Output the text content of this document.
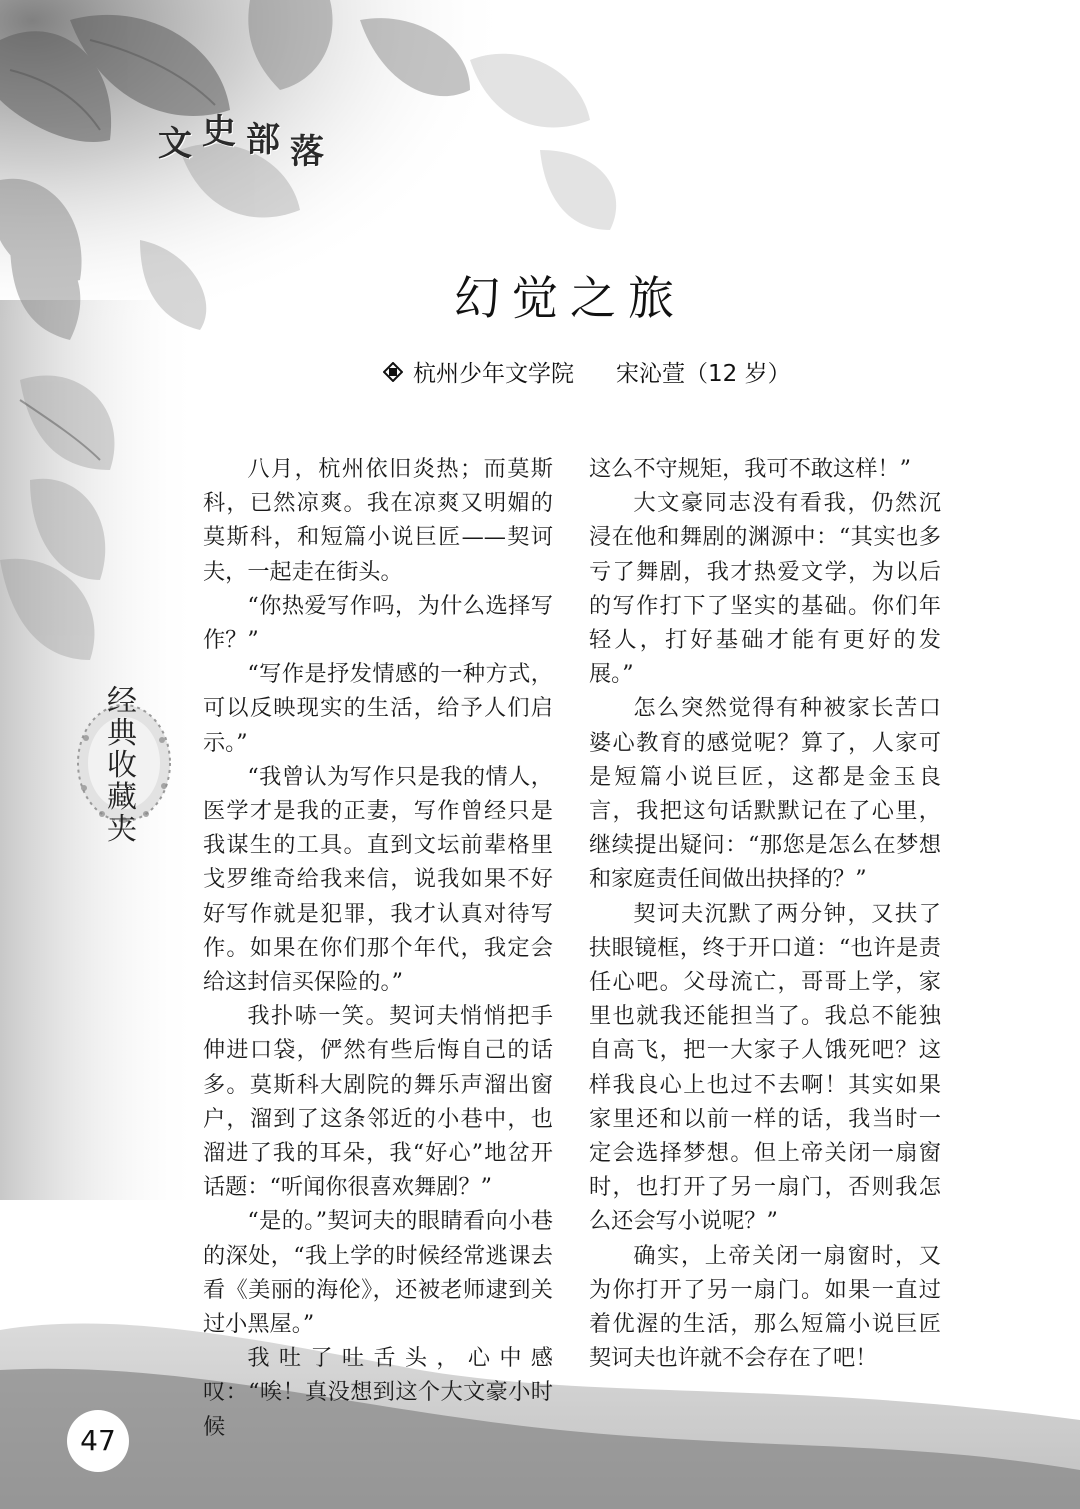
文 史 部 落
幻觉之旅
杭州少年文学院 宋沁萱（12 岁）
经
典
收
藏
夹

八月，杭州依旧炎热；而莫斯科，已然凉爽。我在凉爽又明媚的莫斯科，和短篇小说巨匠——契诃夫，一起走在街头。

“你热爱写作吗，为什么选择写作？”

“写作是抒发情感的一种方式，可以反映现实的生活，给予人们启示。”

“我曾认为写作只是我的情人，医学才是我的正妻，写作曾经只是我谋生的工具。直到文坛前辈格里戈罗维奇给我来信，说我如果不好好写作就是犯罪，我才认真对待写作。如果在你们那个年代，我定会给这封信买保险的。”

我扑哧一笑。契诃夫悄悄把手伸进口袋，俨然有些后悔自己的话多。莫斯科大剧院的舞乐声溜出窗户，溜到了这条邻近的小巷中，也溜进了我的耳朵，我“好心”地岔开话题：“听闻你很喜欢舞剧？”

“是的。”契诃夫的眼睛看向小巷的深处，“我上学的时候经常逃课去看《美丽的海伦》，还被老师逮到关过小黑屋。”

我吐了吐舌头，心中感叹：“唉！真没想到这个大文豪小时候

这么不守规矩，我可不敢这样！”

大文豪同志没有看我，仍然沉浸在他和舞剧的渊源中：“其实也多亏了舞剧，我才热爱文学，为以后的写作打下了坚实的基础。你们年轻人，打好基础才能有更好的发展。”

怎么突然觉得有种被家长苦口婆心教育的感觉呢？算了，人家可是短篇小说巨匠，这都是金玉良言，我把这句话默默记在了心里，继续提出疑问：“那您是怎么在梦想和家庭责任间做出抉择的？”

契诃夫沉默了两分钟，又扶了扶眼镜框，终于开口道：“也许是责任心吧。父母流亡，哥哥上学，家里也就我还能担当了。我总不能独自高飞，把一大家子人饿死吧？这样我良心上也过不去啊！其实如果家里还和以前一样的话，我当时一定会选择梦想。但上帝关闭一扇窗时，也打开了另一扇门，否则我怎么还会写小说呢？”

确实，上帝关闭一扇窗时，又为你打开了另一扇门。如果一直过着优渥的生活，那么短篇小说巨匠契诃夫也许就不会存在了吧！

47
